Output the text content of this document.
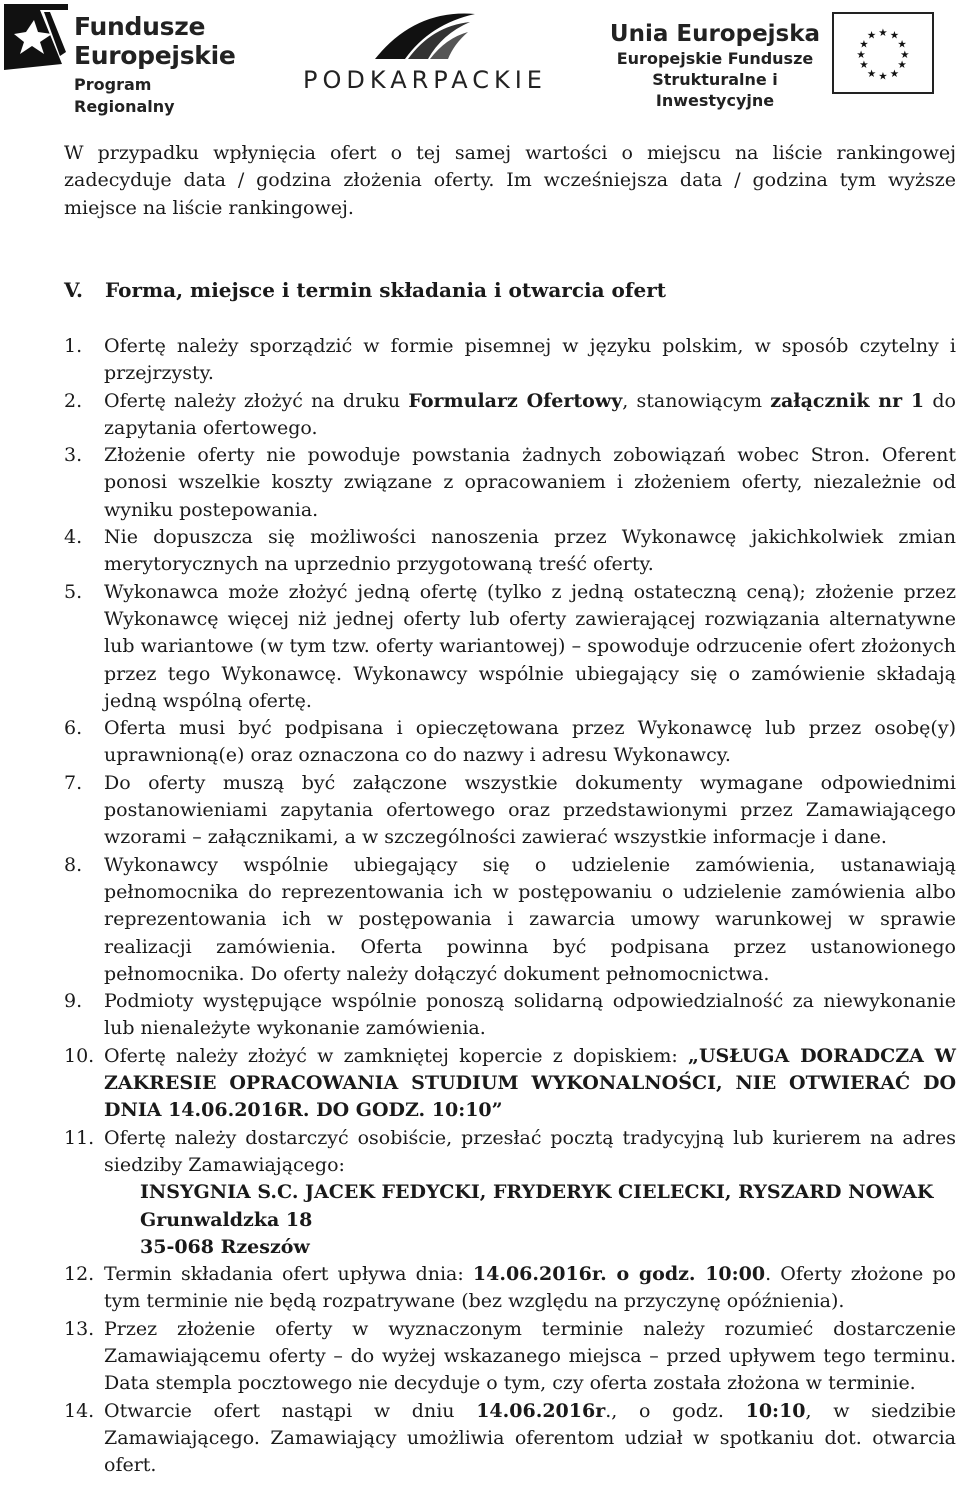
Fundusze
Europejskie
Program Regionalny
PODKARPACKIE
Unia Europejska
Europejskie Fundusze
Strukturalne i Inwestycyjne
★ ★
★
★
★
★
★
★
★
★
★
★
W przypadku wpłynięcia ofert o tej samej wartości o miejscu na liście rankingowej zadecyduje data / godzina złożenia oferty. Im wcześniejsza data / godzina tym wyższe miejsce na liście rankingowej.
V. Forma, miejsce i termin składania i otwarcia ofert
1. Ofertę należy sporządzić w formie pisemnej w języku polskim, w sposób czytelny i przejrzysty.
2. Ofertę należy złożyć na druku Formularz Ofertowy, stanowiącym załącznik nr 1 do zapytania ofertowego.
3. Złożenie oferty nie powoduje powstania żadnych zobowiązań wobec Stron. Oferent ponosi wszelkie koszty związane z opracowaniem i złożeniem oferty, niezależnie od wyniku postepowania.
4. Nie dopuszcza się możliwości nanoszenia przez Wykonawcę jakichkolwiek zmian merytorycznych na uprzednio przygotowaną treść oferty.
5. Wykonawca może złożyć jedną ofertę (tylko z jedną ostateczną ceną); złożenie przez Wykonawcę więcej niż jednej oferty lub oferty zawierającej rozwiązania alternatywne lub wariantowe (w tym tzw. oferty wariantowej) – spowoduje odrzucenie ofert złożonych przez tego Wykonawcę. Wykonawcy wspólnie ubiegający się o zamówienie składają jedną wspólną ofertę.
6. Oferta musi być podpisana i opieczętowana przez Wykonawcę lub przez osobę(y) uprawnioną(e) oraz oznaczona co do nazwy i adresu Wykonawcy.
7. Do oferty muszą być załączone wszystkie dokumenty wymagane odpowiednimi postanowieniami zapytania ofertowego oraz przedstawionymi przez Zamawiającego wzorami – załącznikami, a w szczególności zawierać wszystkie informacje i dane.
8. Wykonawcy wspólnie ubiegający się o udzielenie zamówienia, ustanawiają pełnomocnika do reprezentowania ich w postępowaniu o udzielenie zamówienia albo reprezentowania ich w postępowania i zawarcia umowy warunkowej w sprawie realizacji zamówienia. Oferta powinna być podpisana przez ustanowionego pełnomocnika. Do oferty należy dołączyć dokument pełnomocnictwa.
9. Podmioty występujące wspólnie ponoszą solidarną odpowiedzialność za niewykonanie lub nienależyte wykonanie zamówienia.
10. Ofertę należy złożyć w zamkniętej kopercie z dopiskiem: „USŁUGA DORADCZA W ZAKRESIE OPRACOWANIA STUDIUM WYKONALNOŚCI, NIE OTWIERAĆ DO DNIA 14.06.2016R. DO GODZ. 10:10”
11. Ofertę należy dostarczyć osobiście, przesłać pocztą tradycyjną lub kurierem na adres siedziby Zamawiającego:
INSYGNIA S.C. JACEK FEDYCKI, FRYDERYK CIELECKI, RYSZARD NOWAK
Grunwaldzka 18
35-068 Rzeszów
12. Termin składania ofert upływa dnia: 14.06.2016r. o godz. 10:00. Oferty złożone po tym terminie nie będą rozpatrywane (bez względu na przyczynę opóźnienia).
13. Przez złożenie oferty w wyznaczonym terminie należy rozumieć dostarczenie Zamawiającemu oferty – do wyżej wskazanego miejsca – przed upływem tego terminu. Data stempla pocztowego nie decyduje o tym, czy oferta została złożona w terminie.
14. Otwarcie ofert nastąpi w dniu 14.06.2016r., o godz. 10:10, w siedzibie Zamawiającego. Zamawiający umożliwia oferentom udział w spotkaniu dot. otwarcia ofert.
